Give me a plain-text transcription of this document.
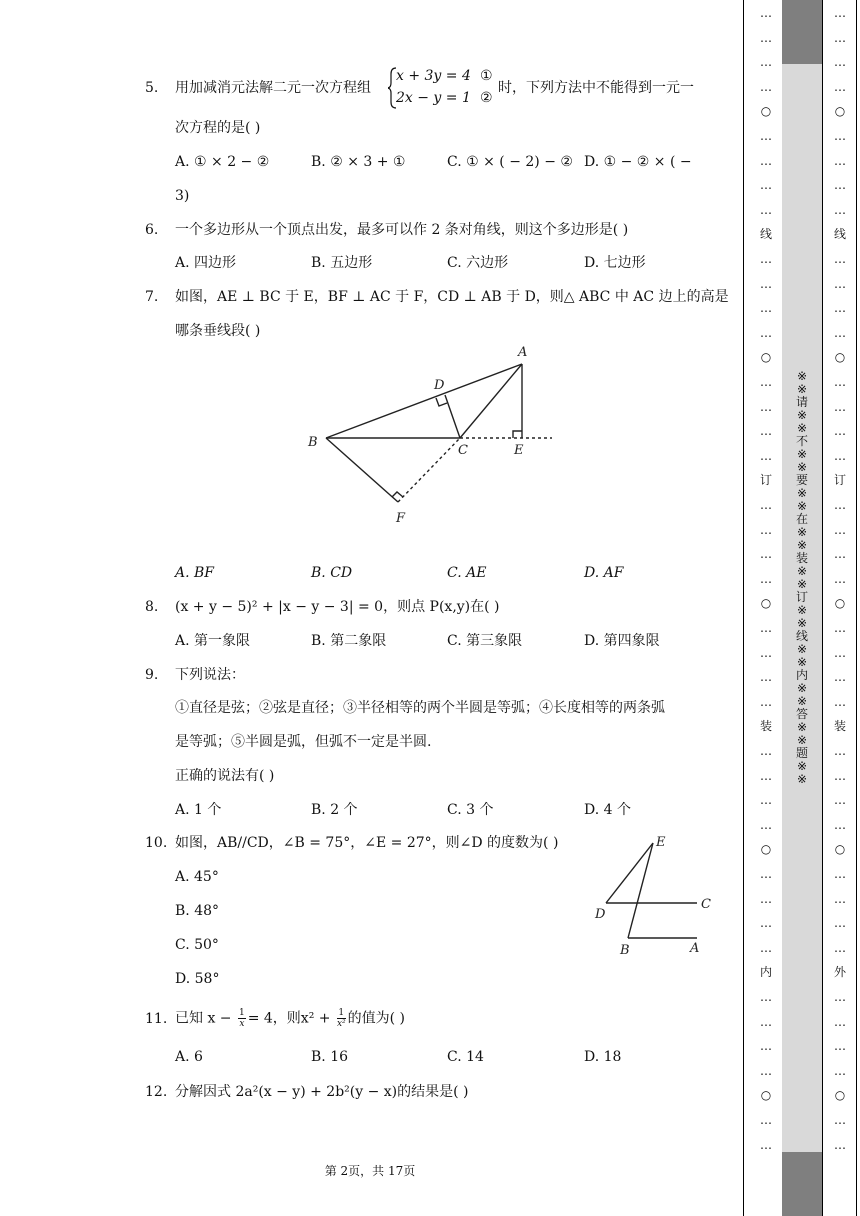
5. 用加减消元法解二元一次方程组
x + 3y = 4 ①
2x − y = 1 ②
时，下列方法中不能得到一元一
次方程的是( )
A. ① × 2 − ②	B. ② × 3 + ①	C. ① × ( − 2) − ② D. ① − ② × ( −
3)
6. 一个多边形从一个顶点出发，最多可以作 2 条对角线，则这个多边形是( )
A. 四边形	B. 五边形	C. 六边形	D. 七边形
7. 如图，AE ⊥ BC 于 E，BF ⊥ AC 于 F，CD ⊥ AB 于 D，则△ ABC 中 AC 边上的高是
哪条垂线段( )
A
B
C
D
E
F
A. BF	B. CD	C. AE	D. AF
8. (x + y − 5)² + |x − y − 3| = 0，则点 P(x,y)在( )
A. 第一象限	B. 第二象限	C. 第三象限	D. 第四象限
9. 下列说法：
①直径是弦；②弦是直径；③半径相等的两个半圆是等弧；④长度相等的两条弧
是等弧；⑤半圆是弧，但弧不一定是半圆.
正确的说法有( )
A. 1 个	B. 2 个	C. 3 个	D. 4 个
10. 如图，AB//CD，∠B = 75°，∠E = 27°，则∠D 的度数为( )
A. 45°
B. 48°
C. 50°
D. 58°
E
D
C
B	A
11. 已知 $x - \frac{1}{x} = 4$，则$x^2 + \frac{1}{\text{x²}}$ 的值为( )
A. 6	B. 16	C. 14	D. 18
12. 分解因式 2a²(x − y) + 2b²(y − x)的结果是( )
第 2页，共 17页
…
…
…
…
○
…
…
…
…
线
…
…
…
…
○
…
…
…
…
订
…
…
…
…
○
…
…
…
…
装
…
…
…
…
○
…
…
…
…
内
…
…
…
…
○
…
…
…
…
…
…
○
…
…
…
…
线
…
…
…
…
○
…
…
…
…
订
…
…
…
…
○
…
…
…
…
装
…
…
…
…
○
…
…
…
…
外
…
…
…
…
○
…
…
※
※
请
※
※
不
※
※
要
※
※
在
※
※
装
※
※
订
※
※
线
※
※
内
※
※
答
※
※
题
※
※
